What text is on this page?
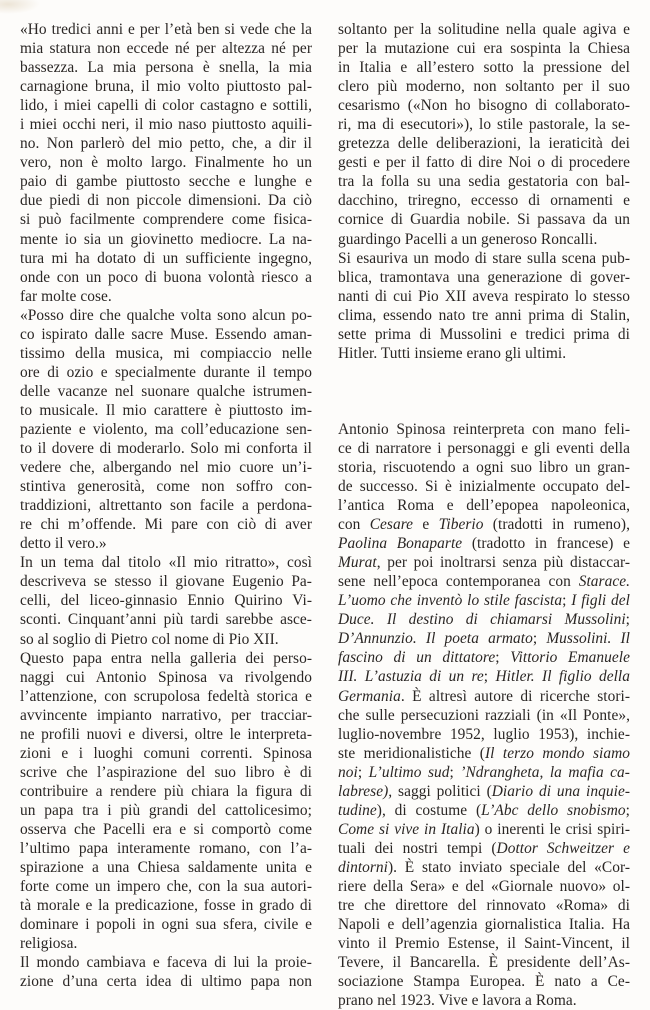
«Ho tredici anni e per l’età ben si vede che la
mia statura non eccede né per altezza né per
bassezza. La mia persona è snella, la mia
carnagione bruna, il mio volto piuttosto pal-
lido, i miei capelli di color castagno e sottili,
i miei occhi neri, il mio naso piuttosto aquili-
no. Non parlerò del mio petto, che, a dir il
vero, non è molto largo. Finalmente ho un
paio di gambe piuttosto secche e lunghe e
due piedi di non piccole dimensioni. Da ciò
si può facilmente comprendere come fisica-
mente io sia un giovinetto mediocre. La na-
tura mi ha dotato di un sufficiente ingegno,
onde con un poco di buona volontà riesco a
far molte cose.
«Posso dire che qualche volta sono alcun po-
co ispirato dalle sacre Muse. Essendo aman-
tissimo della musica, mi compiaccio nelle
ore di ozio e specialmente durante il tempo
delle vacanze nel suonare qualche istrumen-
to musicale. Il mio carattere è piuttosto im-
paziente e violento, ma coll’educazione sen-
to il dovere di moderarlo. Solo mi conforta il
vedere che, albergando nel mio cuore un’i-
stintiva generosità, come non soffro con-
traddizioni, altrettanto son facile a perdona-
re chi m’offende. Mi pare con ciò di aver
detto il vero.»
In un tema dal titolo «Il mio ritratto», così
descriveva se stesso il giovane Eugenio Pa-
celli, del liceo-ginnasio Ennio Quirino Vi-
sconti. Cinquant’anni più tardi sarebbe asce-
so al soglio di Pietro col nome di Pio XII.
Questo papa entra nella galleria dei perso-
naggi cui Antonio Spinosa va rivolgendo
l’attenzione, con scrupolosa fedeltà storica e
avvincente impianto narrativo, per tracciar-
ne profili nuovi e diversi, oltre le interpreta-
zioni e i luoghi comuni correnti. Spinosa
scrive che l’aspirazione del suo libro è di
contribuire a rendere più chiara la figura di
un papa tra i più grandi del cattolicesimo;
osserva che Pacelli era e si comportò come
l’ultimo papa interamente romano, con l’a-
spirazione a una Chiesa saldamente unita e
forte come un impero che, con la sua autori-
tà morale e la predicazione, fosse in grado di
dominare i popoli in ogni sua sfera, civile e
religiosa.
Il mondo cambiava e faceva di lui la proie-
zione d’una certa idea di ultimo papa non
soltanto per la solitudine nella quale agiva e
per la mutazione cui era sospinta la Chiesa
in Italia e all’estero sotto la pressione del
clero più moderno, non soltanto per il suo
cesarismo («Non ho bisogno di collaborato-
ri, ma di esecutori»), lo stile pastorale, la se-
gretezza delle deliberazioni, la ieraticità dei
gesti e per il fatto di dire Noi o di procedere
tra la folla su una sedia gestatoria con bal-
dacchino, triregno, eccesso di ornamenti e
cornice di Guardia nobile. Si passava da un
guardingo Pacelli a un generoso Roncalli.
Si esauriva un modo di stare sulla scena pub-
blica, tramontava una generazione di gover-
nanti di cui Pio XII aveva respirato lo stesso
clima, essendo nato tre anni prima di Stalin,
sette prima di Mussolini e tredici prima di
Hitler. Tutti insieme erano gli ultimi.
Antonio Spinosa reinterpreta con mano feli-
ce di narratore i personaggi e gli eventi della
storia, riscuotendo a ogni suo libro un gran-
de successo. Si è inizialmente occupato del-
l’antica Roma e dell’epopea napoleonica,
con Cesare e Tiberio (tradotti in rumeno),
Paolina Bonaparte (tradotto in francese) e
Murat, per poi inoltrarsi senza più distaccar-
sene nell’epoca contemporanea con Starace.
L’uomo che inventò lo stile fascista; I figli del
Duce. Il destino di chiamarsi Mussolini;
D’Annunzio. Il poeta armato; Mussolini. Il
fascino di un dittatore; Vittorio Emanuele
III. L’astuzia di un re; Hitler. Il figlio della
Germania. È altresì autore di ricerche stori-
che sulle persecuzioni razziali (in «Il Ponte»,
luglio-novembre 1952, luglio 1953), inchie-
ste meridionalistiche (Il terzo mondo siamo
noi; L’ultimo sud; ’Ndrangheta, la mafia ca-
labrese), saggi politici (Diario di una inquie-
tudine), di costume (L’Abc dello snobismo;
Come si vive in Italia) o inerenti le crisi spiri-
tuali dei nostri tempi (Dottor Schweitzer e
dintorni). È stato inviato speciale del «Cor-
riere della Sera» e del «Giornale nuovo» ol-
tre che direttore del rinnovato «Roma» di
Napoli e dell’agenzia giornalistica Italia. Ha
vinto il Premio Estense, il Saint-Vincent, il
Tevere, il Bancarella. È presidente dell’As-
sociazione Stampa Europea. È nato a Ce-
prano nel 1923. Vive e lavora a Roma.
